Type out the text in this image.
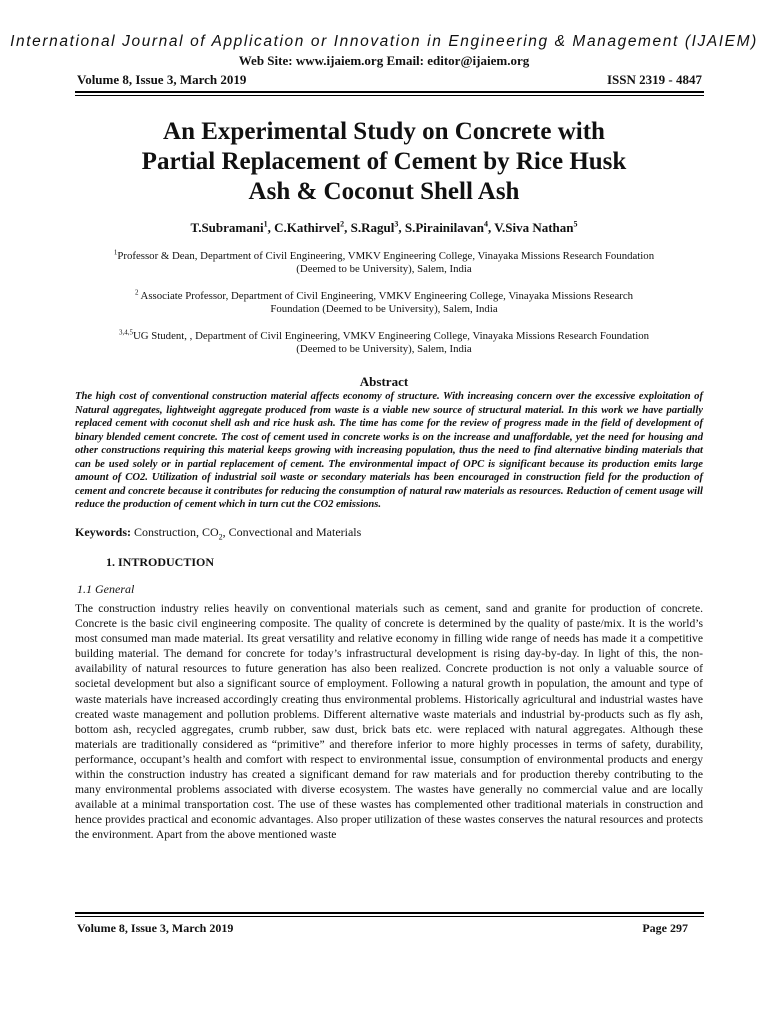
International Journal of Application or Innovation in Engineering & Management (IJAIEM)
Web Site: www.ijaiem.org Email: editor@ijaiem.org
Volume 8, Issue 3, March 2019	ISSN 2319 - 4847
An Experimental Study on Concrete with
Partial Replacement of Cement by Rice Husk
Ash & Coconut Shell Ash
T.Subramani$^1$, C.Kathirvel$^2$, S.Ragul$^3$, S.Pirainilavan$^4$, V.Siva Nathan$^5$
$^1$Professor & Dean, Department of Civil Engineering, VMKV Engineering College, Vinayaka Missions Research Foundation
(Deemed to be University), Salem, India
$^2$ Associate Professor, Department of Civil Engineering, VMKV Engineering College, Vinayaka Missions Research
Foundation (Deemed to be University), Salem, India
$^{3,4,5}$UG Student, , Department of Civil Engineering, VMKV Engineering College, Vinayaka Missions Research Foundation
(Deemed to be University), Salem, India
Abstract
The high cost of conventional construction material affects economy of structure. With increasing concern over the excessive exploitation of Natural aggregates, lightweight aggregate produced from waste is a viable new source of structural material. In this work we have partially replaced cement with coconut shell ash and rice husk ash. The time has come for the review of progress made in the field of development of binary blended cement concrete. The cost of cement used in concrete works is on the increase and unaffordable, yet the need for housing and other constructions requiring this material keeps growing with increasing population, thus the need to find alternative binding materials that can be used solely or in partial replacement of cement. The environmental impact of OPC is significant because its production emits large amount of CO2. Utilization of industrial soil waste or secondary materials has been encouraged in construction field for the production of cement and concrete because it contributes for reducing the consumption of natural raw materials as resources. Reduction of cement usage will reduce the production of cement which in turn cut the CO2 emissions.
Keywords: Construction, $CO_2$, Convectional and Materials
1. INTRODUCTION
1.1 General
The construction industry relies heavily on conventional materials such as cement, sand and granite for production of concrete. Concrete is the basic civil engineering composite. The quality of concrete is determined by the quality of paste/mix. It is the world’s most consumed man made material. Its great versatility and relative economy in filling wide range of needs has made it a competitive building material. The demand for concrete for today’s infrastructural development is rising day-by-day. In light of this, the non-availability of natural resources to future generation has also been realized. Concrete production is not only a valuable source of societal development but also a significant source of employment. Following a natural growth in population, the amount and type of waste materials have increased accordingly creating thus environmental problems. Historically agricultural and industrial wastes have created waste management and pollution problems. Different alternative waste materials and industrial by-products such as fly ash, bottom ash, recycled aggregates, crumb rubber, saw dust, brick bats etc. were replaced with natural aggregates. Although these materials are traditionally considered as “primitive” and therefore inferior to more highly processes in terms of safety, durability, performance, occupant’s health and comfort with respect to environmental issue, consumption of environmental products and energy within the construction industry has created a significant demand for raw materials and for production thereby contributing to the many environmental problems associated with diverse ecosystem. The wastes have generally no commercial value and are locally available at a minimal transportation cost. The use of these wastes has complemented other traditional materials in construction and hence provides practical and economic advantages. Also proper utilization of these wastes conserves the natural resources and protects the environment. Apart from the above mentioned waste
Volume 8, Issue 3, March 2019	Page 297
